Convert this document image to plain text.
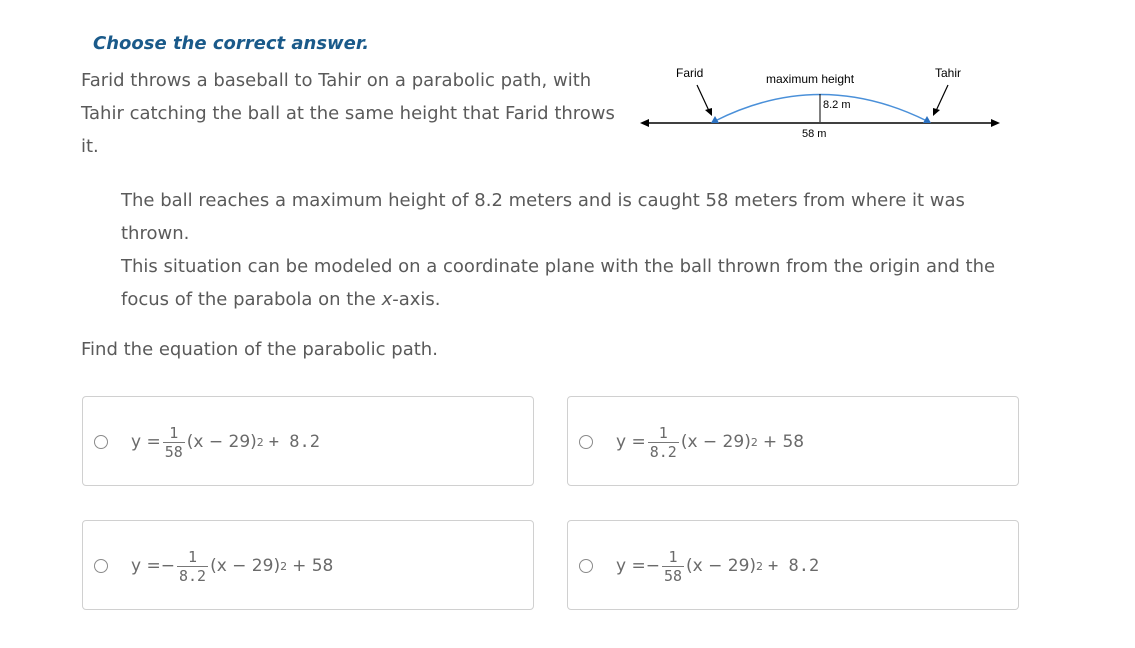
Choose the correct answer.
Farid throws a baseball to Tahir on a parabolic path, with Tahir catching the ball at the same height that Farid throws it.
Farid	Tahir
maximum height
8.2 m
58 m

The ball reaches a maximum height of 8.2 meters and is caught 58 meters from where it was thrown.

This situation can be modeled on a coordinate plane with the ball thrown from the origin and the focus of the parabola on the x-axis.

Find the equation of the parabolic path.
$y = \frac{1}{58} (x - 29) 2 + 8.2$	$y = \frac{1}{8.2} (x - 29) 2 + 58$
y = − $\frac{1}{8.2} (x - 29) 2 + 58$	y = − $\frac{1}{58} (x - 29) 2 + 8.2$
